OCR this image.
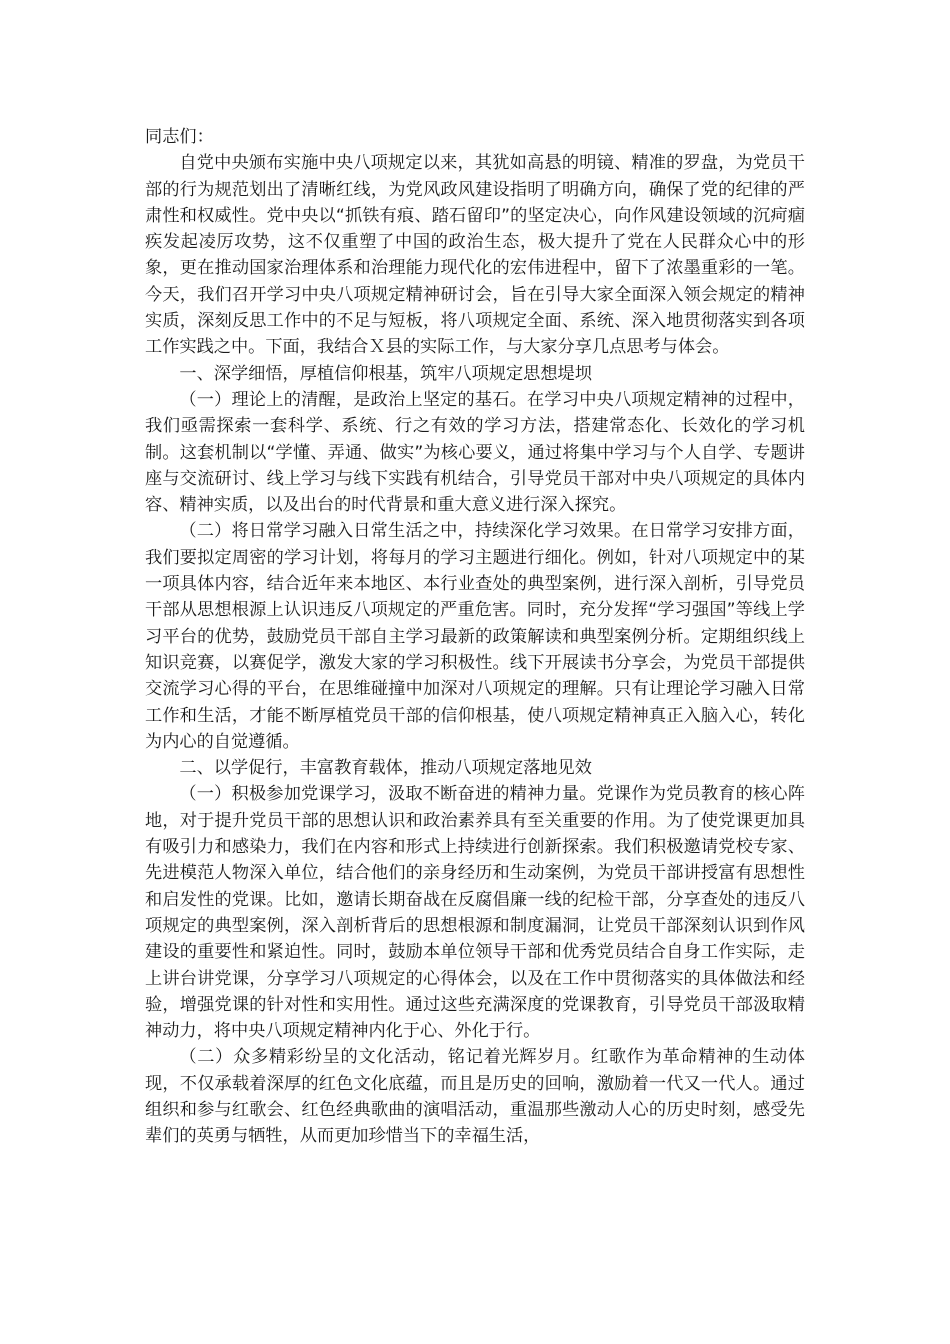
同志们：

自党中央颁布实施中央八项规定以来，其犹如高悬的明镜、精准的罗盘，为党员干部的行为规范划出了清晰红线，为党风政风建设指明了明确方向，确保了党的纪律的严肃性和权威性。党中央以“抓铁有痕、踏石留印”的坚定决心，向作风建设领域的沉疴痼疾发起凌厉攻势，这不仅重塑了中国的政治生态，极大提升了党在人民群众心中的形象，更在推动国家治理体系和治理能力现代化的宏伟进程中，留下了浓墨重彩的一笔。今天，我们召开学习中央八项规定精神研讨会，旨在引导大家全面深入领会规定的精神实质，深刻反思工作中的不足与短板，将八项规定全面、系统、深入地贯彻落实到各项工作实践之中。下面，我结合Ｘ县的实际工作，与大家分享几点思考与体会。

一、深学细悟，厚植信仰根基，筑牢八项规定思想堤坝

（一）理论上的清醒，是政治上坚定的基石。在学习中央八项规定精神的过程中，我们亟需探索一套科学、系统、行之有效的学习方法，搭建常态化、长效化的学习机制。这套机制以“学懂、弄通、做实”为核心要义，通过将集中学习与个人自学、专题讲座与交流研讨、线上学习与线下实践有机结合，引导党员干部对中央八项规定的具体内容、精神实质，以及出台的时代背景和重大意义进行深入探究。

（二）将日常学习融入日常生活之中，持续深化学习效果。在日常学习安排方面，我们要拟定周密的学习计划，将每月的学习主题进行细化。例如，针对八项规定中的某一项具体内容，结合近年来本地区、本行业查处的典型案例，进行深入剖析，引导党员干部从思想根源上认识违反八项规定的严重危害。同时，充分发挥“学习强国”等线上学习平台的优势，鼓励党员干部自主学习最新的政策解读和典型案例分析。定期组织线上知识竞赛，以赛促学，激发大家的学习积极性。线下开展读书分享会，为党员干部提供交流学习心得的平台，在思维碰撞中加深对八项规定的理解。只有让理论学习融入日常工作和生活，才能不断厚植党员干部的信仰根基，使八项规定精神真正入脑入心，转化为内心的自觉遵循。

二、以学促行，丰富教育载体，推动八项规定落地见效

（一）积极参加党课学习，汲取不断奋进的精神力量。党课作为党员教育的核心阵地，对于提升党员干部的思想认识和政治素养具有至关重要的作用。为了使党课更加具有吸引力和感染力，我们在内容和形式上持续进行创新探索。我们积极邀请党校专家、先进模范人物深入单位，结合他们的亲身经历和生动案例，为党员干部讲授富有思想性和启发性的党课。比如，邀请长期奋战在反腐倡廉一线的纪检干部，分享查处的违反八项规定的典型案例，深入剖析背后的思想根源和制度漏洞，让党员干部深刻认识到作风建设的重要性和紧迫性。同时，鼓励本单位领导干部和优秀党员结合自身工作实际，走上讲台讲党课，分享学习八项规定的心得体会，以及在工作中贯彻落实的具体做法和经验，增强党课的针对性和实用性。通过这些充满深度的党课教育，引导党员干部汲取精神动力，将中央八项规定精神内化于心、外化于行。

（二）众多精彩纷呈的文化活动，铭记着光辉岁月。红歌作为革命精神的生动体现，不仅承载着深厚的红色文化底蕴，而且是历史的回响，激励着一代又一代人。通过组织和参与红歌会、红色经典歌曲的演唱活动，重温那些激动人心的历史时刻，感受先辈们的英勇与牺牲，从而更加珍惜当下的幸福生活，
